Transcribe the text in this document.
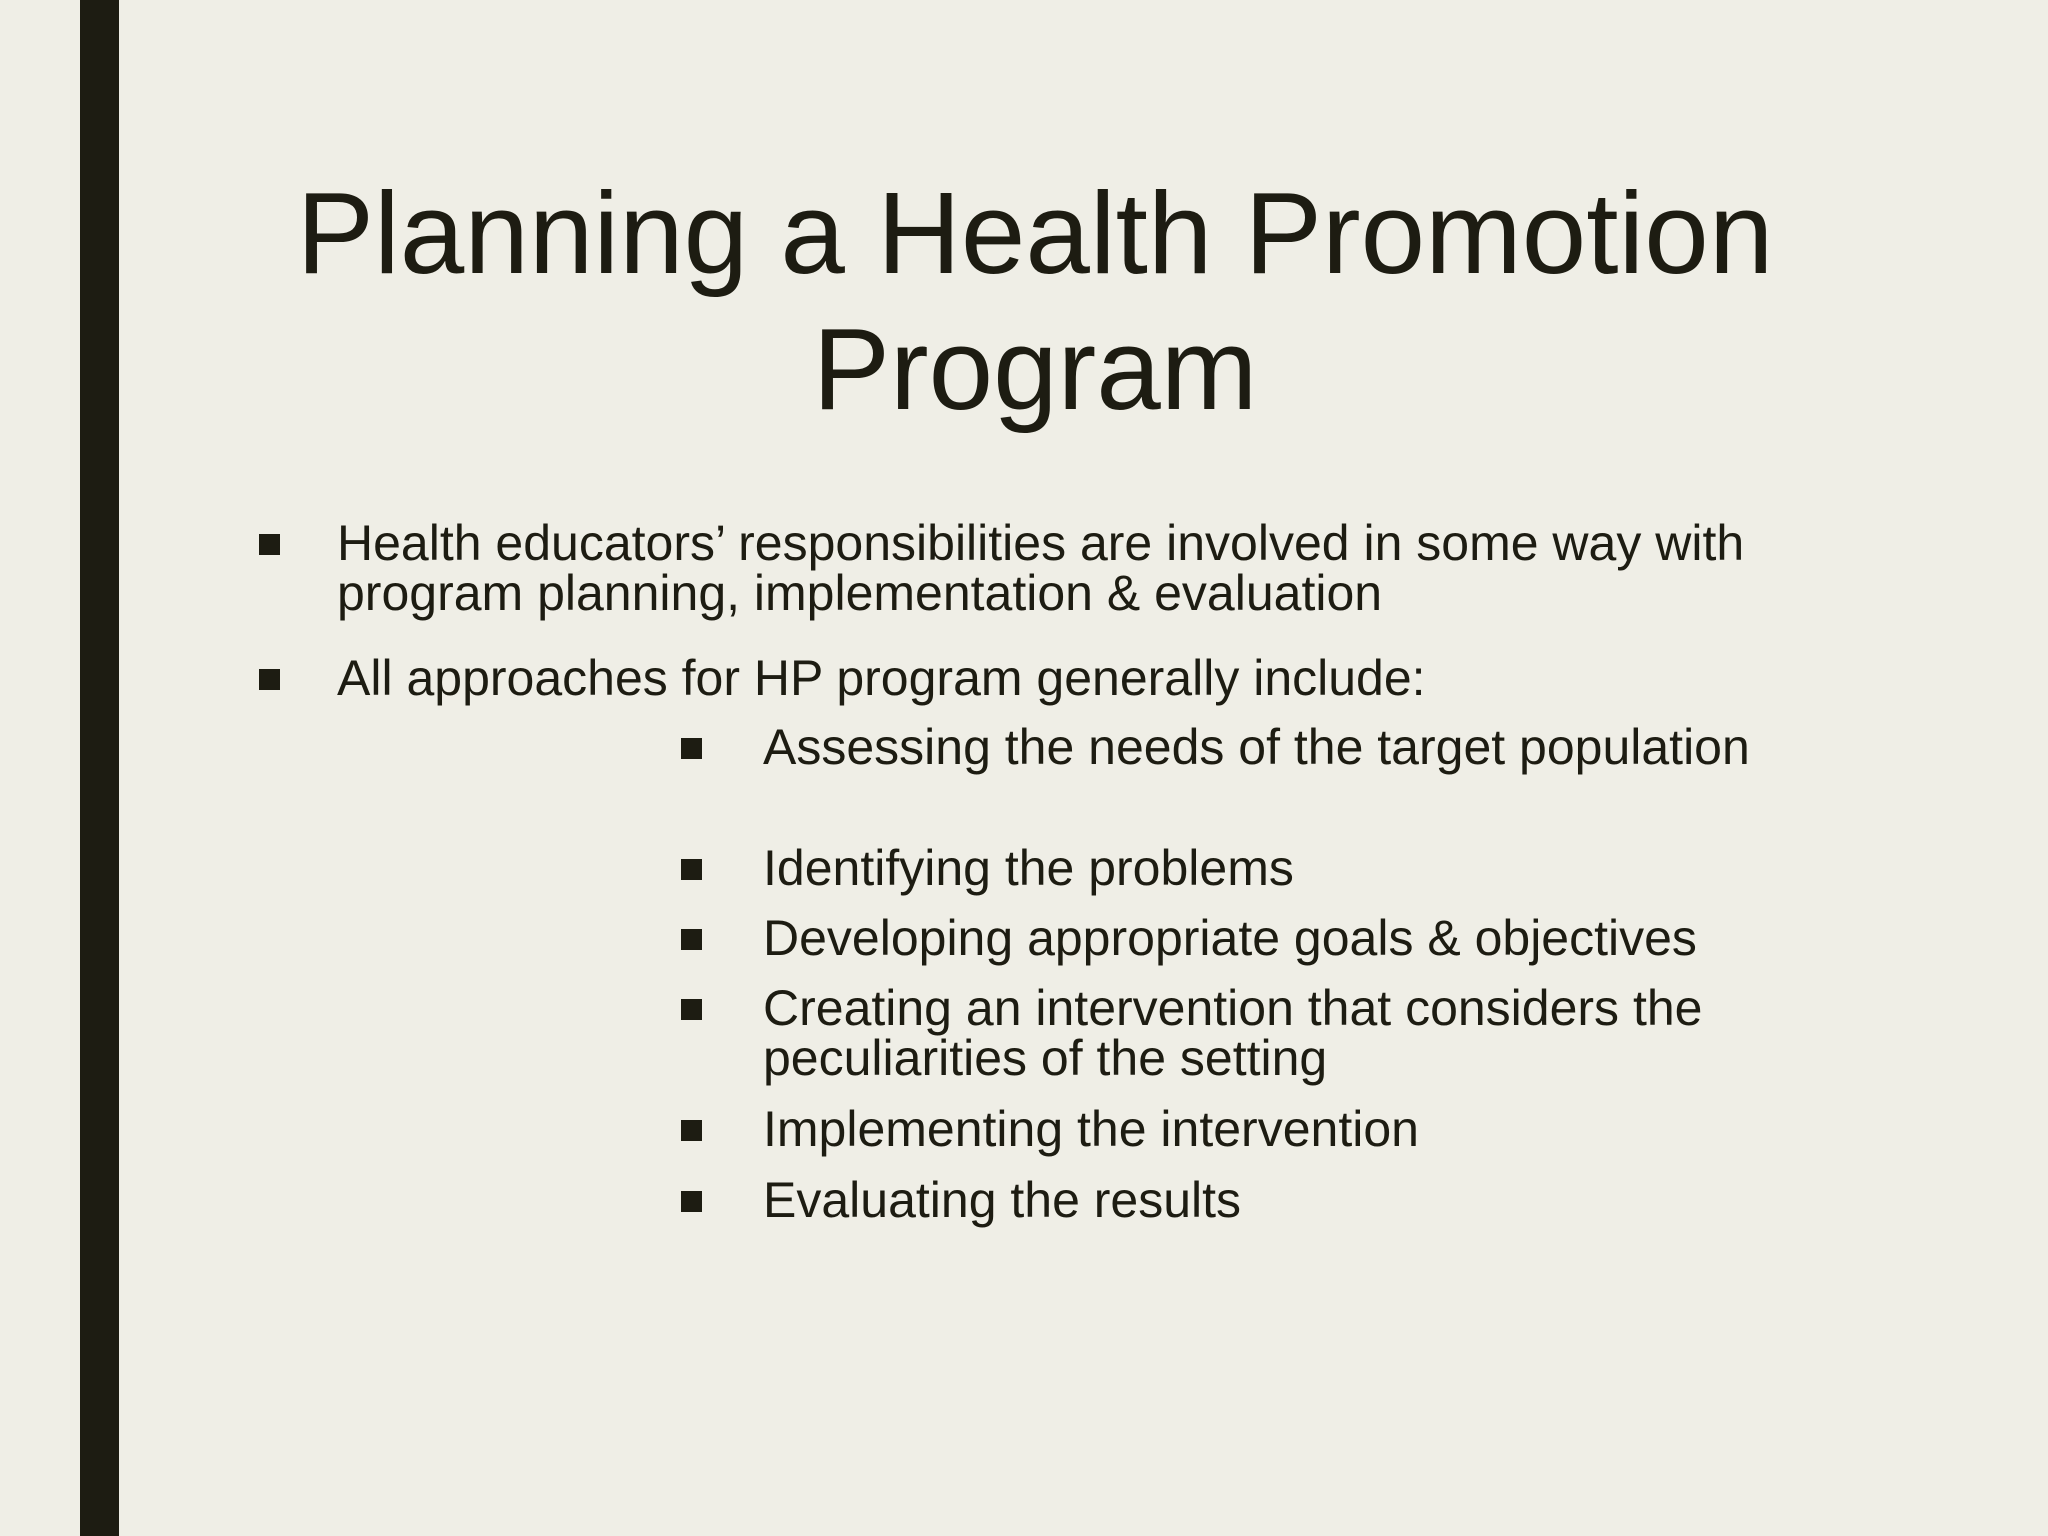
Planning a Health Promotion Program
Health educators’ responsibilities are involved in some way with program planning, implementation & evaluation
All approaches for HP program generally include:
Assessing the needs of the target population
Identifying the problems
Developing appropriate goals & objectives
Creating an intervention that considers the peculiarities of the setting
Implementing the intervention
Evaluating the results
